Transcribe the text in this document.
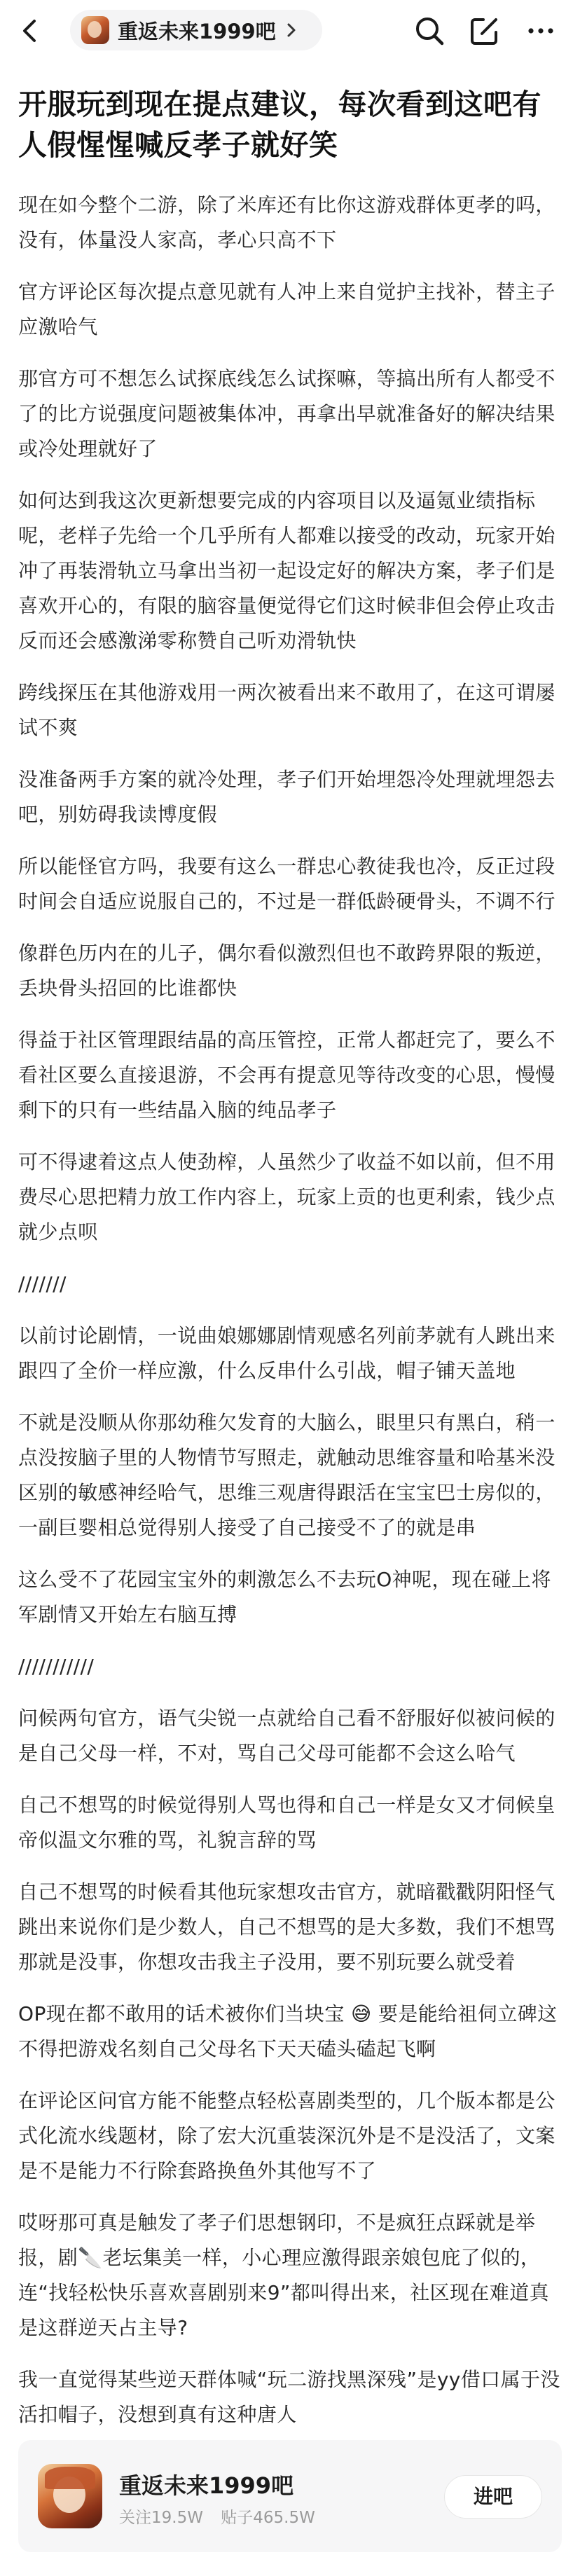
重返未来1999吧
开服玩到现在提点建议，每次看到这吧有人假惺惺喊反孝子就好笑

现在如今整个二游，除了米库还有比你这游戏群体更孝的吗，没有，体量没人家高，孝心只高不下

官方评论区每次提点意见就有人冲上来自觉护主找补，替主子应激哈气

那官方可不想怎么试探底线怎么试探嘛，等搞出所有人都受不了的比方说强度问题被集体冲，再拿出早就准备好的解决结果或冷处理就好了

如何达到我这次更新想要完成的内容项目以及逼氪业绩指标呢，老样子先给一个几乎所有人都难以接受的改动，玩家开始冲了再装滑轨立马拿出当初一起设定好的解决方案，孝子们是喜欢开心的，有限的脑容量便觉得它们这时候非但会停止攻击反而还会感激涕零称赞自己听劝滑轨快

跨线探压在其他游戏用一两次被看出来不敢用了，在这可谓屡试不爽

没准备两手方案的就冷处理，孝子们开始埋怨冷处理就埋怨去吧，别妨碍我读博度假

所以能怪官方吗，我要有这么一群忠心教徒我也冷，反正过段时间会自适应说服自己的，不过是一群低龄硬骨头，不调不行

像群色历内在的儿子，偶尔看似激烈但也不敢跨界限的叛逆，丢块骨头招回的比谁都快

得益于社区管理跟结晶的高压管控，正常人都赶完了，要么不看社区要么直接退游，不会再有提意见等待改变的心思，慢慢剩下的只有一些结晶入脑的纯品孝子

可不得逮着这点人使劲榨，人虽然少了收益不如以前，但不用费尽心思把精力放工作内容上，玩家上贡的也更利索，钱少点就少点呗

///////

以前讨论剧情，一说曲娘娜娜剧情观感名列前茅就有人跳出来跟四了全价一样应激，什么反串什么引战，帽子铺天盖地

不就是没顺从你那幼稚欠发育的大脑么，眼里只有黑白，稍一点没按脑子里的人物情节写照走，就触动思维容量和哈基米没区别的敏感神经哈气，思维三观唐得跟活在宝宝巴士房似的，一副巨婴相总觉得别人接受了自己接受不了的就是串

这么受不了花园宝宝外的刺激怎么不去玩O神呢，现在碰上将军剧情又开始左右脑互搏

///////////

问候两句官方，语气尖锐一点就给自己看不舒服好似被问候的是自己父母一样，不对，骂自己父母可能都不会这么哈气

自己不想骂的时候觉得别人骂也得和自己一样是女又才伺候皇帝似温文尔雅的骂，礼貌言辞的骂

自己不想骂的时候看其他玩家想攻击官方，就暗戳戳阴阳怪气跳出来说你们是少数人，自己不想骂的是大多数，我们不想骂那就是没事，你想攻击我主子没用，要不别玩要么就受着

OP现在都不敢用的话术被你们当块宝 😅 要是能给祖伺立碑这不得把游戏名刻自己父母名下天天磕头磕起飞啊

在评论区问官方能不能整点轻松喜剧类型的，几个版本都是公式化流水线题材，除了宏大沉重装深沉外是不是没活了，文案是不是能力不行除套路换鱼外其他写不了

哎呀那可真是触发了孝子们思想钢印，不是疯狂点踩就是举报，剧🔪老坛集美一样，小心理应激得跟亲娘包庇了似的，连“找轻松快乐喜欢喜剧别来9”都叫得出来，社区现在难道真是这群逆天占主导?

我一直觉得某些逆天群体喊“玩二游找黑深残”是yy借口属于没活扣帽子，没想到真有这种唐人

重返未来1999吧
关注19.5W 贴子465.5W
进吧
